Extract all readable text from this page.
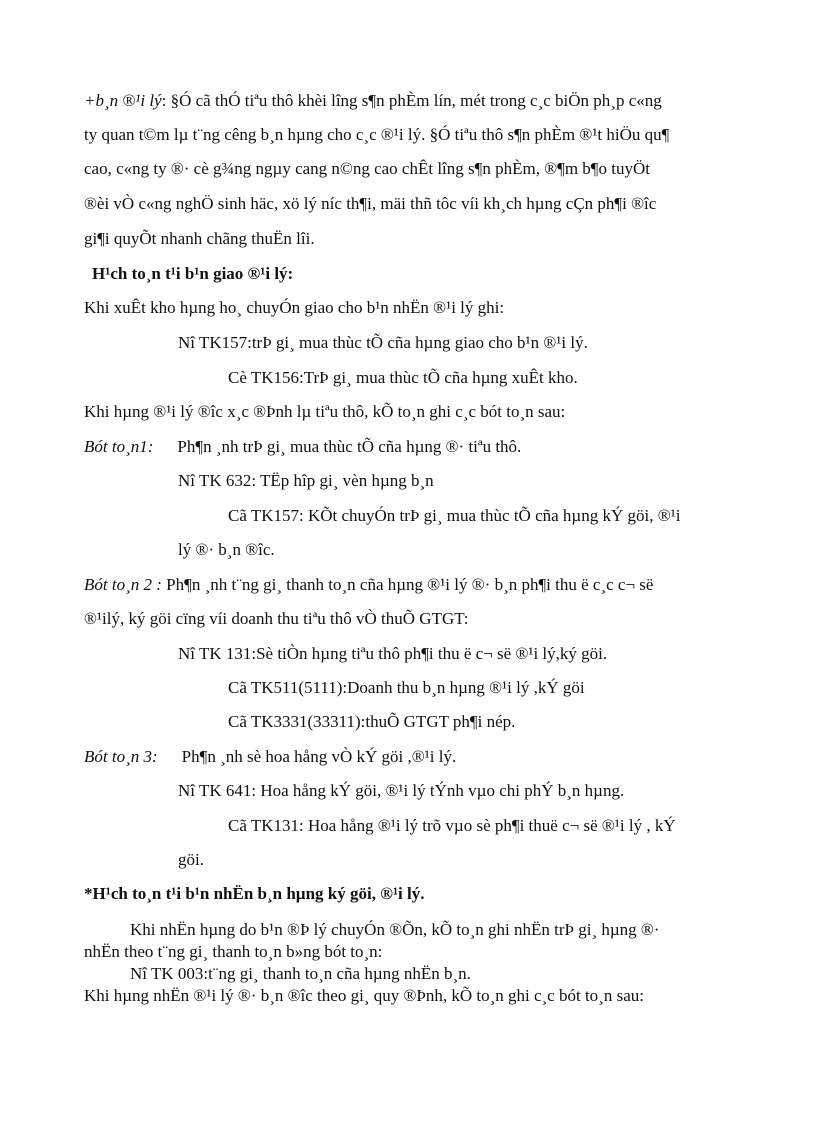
+b¸n ®¹i lý: §Ó cã thÓ tiªu thô khèi lîng s¶n phÈm lín, mét trong c¸c biÖn ph¸p c«ng
ty quan t©m lµ t¨ng cêng b¸n hµng cho c¸c ®¹i lý. §Ó tiªu thô s¶n phÈm ®¹t hiÖu qu¶
cao, c«ng ty ®· cè g¾ng ngµy cang n©ng cao chÊt lîng s¶n phÈm, ®¶m b¶o tuyÖt
®èi vÒ c«ng nghÖ sinh häc, xö lý níc th¶i, mäi thñ tôc víi kh¸ch hµng cÇn ph¶i ®îc
gi¶i quyÕt nhanh chãng thuËn lîi.
H¹ch to¸n t¹i b¹n giao ®¹i lý:
Khi xuÊt kho hµng ho¸ chuyÓn giao cho b¹n nhËn ®¹i lý ghi:
Nî TK157:trÞ gi¸ mua thùc tÕ cña hµng giao cho b¹n ®¹i lý.
Cè TK156:TrÞ gi¸ mua thùc tÕ cña hµng xuÊt kho.
Khi hµng ®¹i lý ®îc x¸c ®Þnh lµ tiªu thô, kÕ to¸n ghi c¸c bót to¸n sau:
Bót to¸n1: Ph¶n ¸nh trÞ gi¸ mua thùc tÕ cña hµng ®· tiªu thô.
Nî TK 632: TËp hîp gi¸ vèn hµng b¸n
Cã TK157: KÕt chuyÓn trÞ gi¸ mua thùc tÕ cña hµng kÝ göi, ®¹i
lý ®· b¸n ®îc.
Bót to¸n 2 : Ph¶n ¸nh t¨ng gi¸ thanh to¸n cña hµng ®¹i lý ®· b¸n ph¶i thu ë c¸c c¬ së
®¹ilý, ký göi cïng víi doanh thu tiªu thô vÒ thuÕ GTGT:
Nî TK 131:Sè tiÒn hµng tiªu thô ph¶i thu ë c¬ së ®¹i lý,ký göi.
Cã TK511(5111):Doanh thu b¸n hµng ®¹i lý ,kÝ göi
Cã TK3331(33311):thuÕ GTGT ph¶i nép.
Bót to¸n 3: Ph¶n ¸nh sè hoa hång vÒ kÝ göi ,®¹i lý.
Nî TK 641: Hoa hång kÝ göi, ®¹i lý tÝnh vµo chi phÝ b¸n hµng.
Cã TK131: Hoa hång ®¹i lý trõ vµo sè ph¶i thuë c¬ së ®¹i lý , kÝ
göi.
*H¹ch to¸n t¹i b¹n nhËn b¸n hµng ký göi, ®¹i lý.
Khi nhËn hµng do b¹n ®Þ lý chuyÓn ®Õn, kÕ to¸n ghi nhËn trÞ gi¸ hµng ®·
nhËn theo t¨ng gi¸ thanh to¸n b»ng bót to¸n:
Nî TK 003:t¨ng gi¸ thanh to¸n cña hµng nhËn b¸n.
Khi hµng nhËn ®¹i lý ®· b¸n ®îc theo gi¸ quy ®Þnh, kÕ to¸n ghi c¸c bót to¸n sau:
